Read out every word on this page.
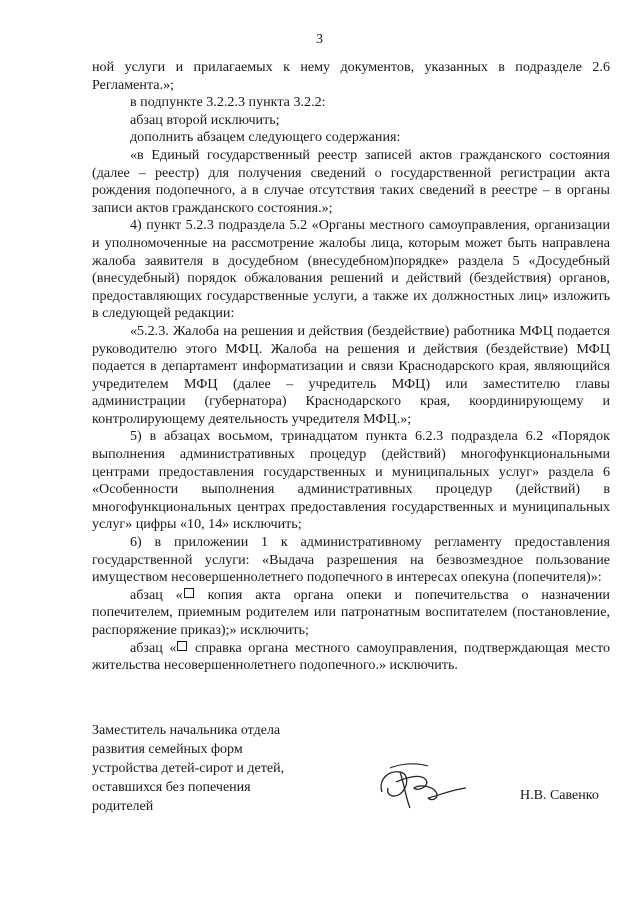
3

ной услуги и прилагаемых к нему документов, указанных в подразделе 2.6 Регламента.»;

в подпункте 3.2.2.3 пункта 3.2.2:

абзац второй исключить;

дополнить абзацем следующего содержания:

«в Единый государственный реестр записей актов гражданского состояния (далее – реестр) для получения сведений о государственной регистрации акта рождения подопечного, а в случае отсутствия таких сведений в реестре – в органы записи актов гражданского состояния.»;

4) пункт 5.2.3 подраздела 5.2 «Органы местного самоуправления, организации и уполномоченные на рассмотрение жалобы лица, которым может быть направлена жалоба заявителя в досудебном (внесудебном)порядке» раздела 5 «Досудебный (внесудебный) порядок обжалования решений и действий (бездействия) органов, предоставляющих государственные услуги, а также их должностных лиц» изложить в следующей редакции:

«5.2.3. Жалоба на решения и действия (бездействие) работника МФЦ подается руководителю этого МФЦ. Жалоба на решения и действия (бездействие) МФЦ подается в департамент информатизации и связи Краснодарского края, являющийся учредителем МФЦ (далее – учредитель МФЦ) или заместителю главы администрации (губернатора) Краснодарского края, координирующему и контролирующему деятельность учредителя МФЦ.»;

5) в абзацах восьмом, тринадцатом пункта 6.2.3 подраздела 6.2 «Порядок выполнения административных процедур (действий) многофункциональными центрами предоставления государственных и муниципальных услуг» раздела 6 «Особенности выполнения административных процедур (действий) в многофункциональных центрах предоставления государственных и муниципальных услуг» цифры «10, 14» исключить;

6) в приложении 1 к административному регламенту предоставления государственной услуги: «Выдача разрешения на безвозмездное пользование имуществом несовершеннолетнего подопечного в интересах опекуна (попечителя)»:

абзац « копия акта органа опеки и попечительства о назначении попечителем, приемным родителем или патронатным воспитателем (постановление, распоряжение приказ);» исключить;

абзац « справка органа местного самоуправления, подтверждающая место жительства несовершеннолетнего подопечного.» исключить.

Заместитель начальника отдела
развития семейных форм
устройства детей-сирот и детей,
оставшихся без попечения
родителей
Н.В. Савенко
